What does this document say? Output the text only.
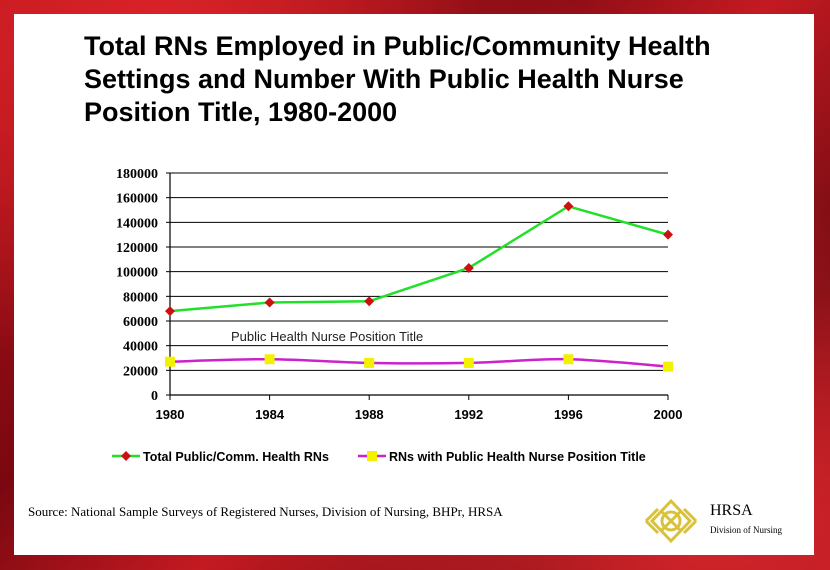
Total RNs Employed in Public/Community Health Settings and Number With Public Health Nurse Position Title, 1980-2000
180000
160000
140000
120000
100000
80000
60000
40000
20000
0
1980	1984	1988	1992	1996	2000
Public Health Nurse Position Title
Total Public/Comm. Health RNs	RNs with Public Health Nurse Position Title
Source: National Sample Surveys of Registered Nurses, Division of Nursing, BHPr, HRSA	HRSA
Division of Nursing
